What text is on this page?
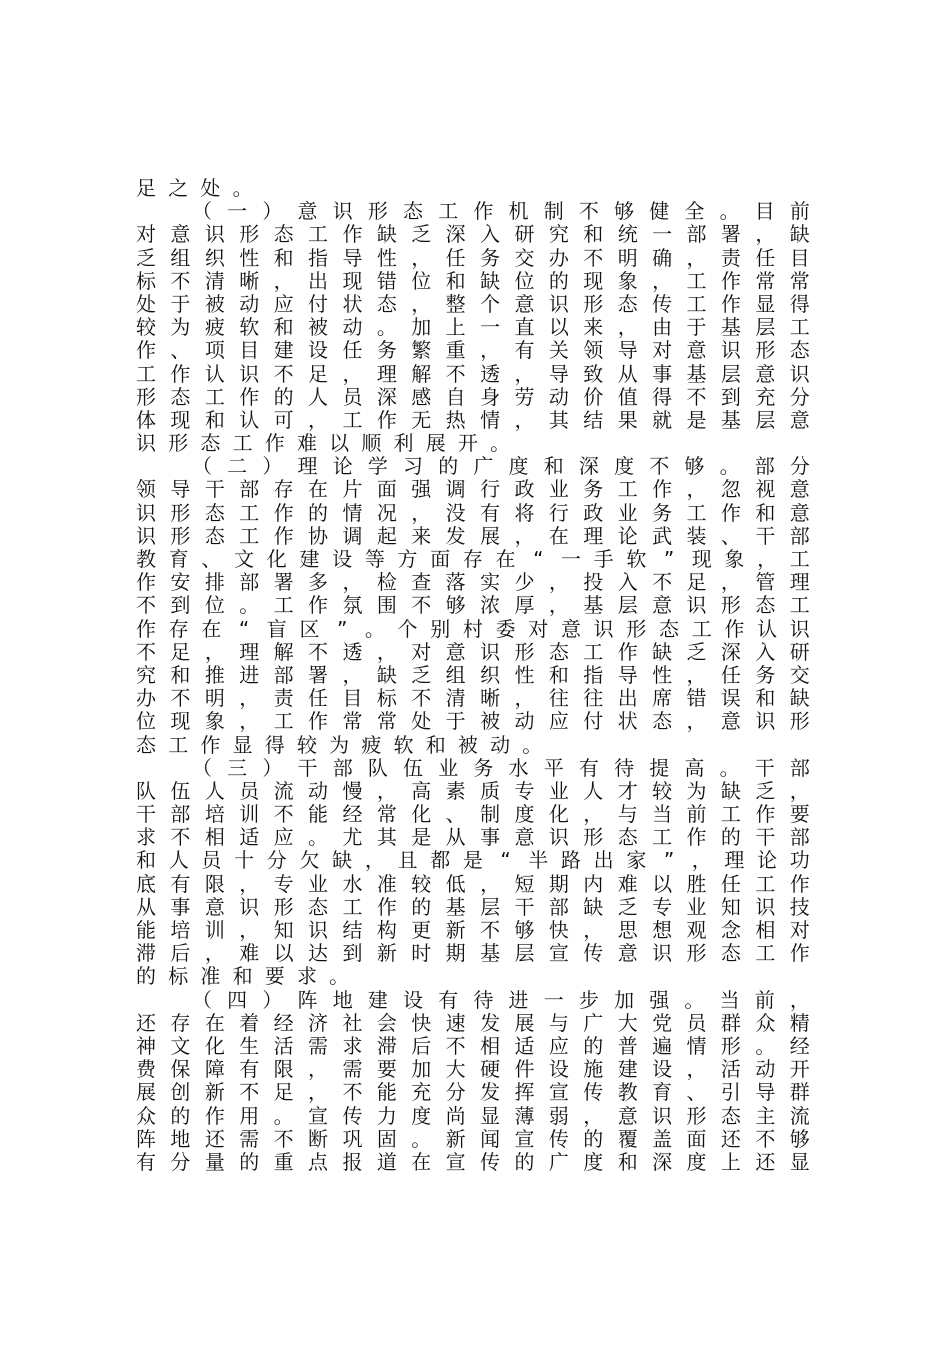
足 之 处 。
（ 一 ） 意 识 形 态 工 作 机 制 不 够 健 全 。 目 前
对 意 识 形 态 工 作 缺 乏 深 入 研 究 和 统 一 部 署 ， 缺
乏 组 织 性 和 指 导 性 ， 任 务 交 办 不 明 确 ， 责 任 目
标 不 清 晰 ， 出 现 错 位 和 缺 位 的 现 象 ， 工 作 常 常
处 于 被 动 应 付 状 态 ， 整 个 意 识 形 态 传 工 作 显 得
较 为 疲 软 和 被 动 。 加 上 一 直 以 来 ， 由 于 基 层 工
作 、 项 目 建 设 任 务 繁 重 ， 有 关 领 导 对 意 识 形 态
工 作 认 识 不 足 ， 理 解 不 透 ， 导 致 从 事 基 层 意 识
形 态 工 作 的 人 员 深 感 自 身 劳 动 价 值 得 不 到 充 分
体 现 和 认 可 ， 工 作 无 热 情 ， 其 结 果 就 是 基 层 意
识 形 态 工 作 难 以 顺 利 展 开 。
（ 二 ） 理 论 学 习 的 广 度 和 深 度 不 够 。 部 分
领 导 干 部 存 在 片 面 强 调 行 政 业 务 工 作 ， 忽 视 意
识 形 态 工 作 的 情 况 ， 没 有 将 行 政 业 务 工 作 和 意
识 形 态 工 作 协 调 起 来 发 展 ， 在 理 论 武 装 、 干 部
教 育 、 文 化 建 设 等 方 面 存 在 “ 一 手 软 ” 现 象 ， 工
作 安 排 部 署 多 ， 检 查 落 实 少 ， 投 入 不 足 ， 管 理
不 到 位 。 工 作 氛 围 不 够 浓 厚 ， 基 层 意 识 形 态 工
作 存 在 “ 盲 区 ” 。 个 别 村 委 对 意 识 形 态 工 作 认 识
不 足 ， 理 解 不 透 ， 对 意 识 形 态 工 作 缺 乏 深 入 研
究 和 推 进 部 署 ， 缺 乏 组 织 性 和 指 导 性 ， 任 务 交
办 不 明 ， 责 任 目 标 不 清 晰 ， 往 往 出 席 错 误 和 缺
位 现 象 ， 工 作 常 常 处 于 被 动 应 付 状 态 ， 意 识 形
态 工 作 显 得 较 为 疲 软 和 被 动 。
（ 三 ） 干 部 队 伍 业 务 水 平 有 待 提 高 。 干 部
队 伍 人 员 流 动 慢 ， 高 素 质 专 业 人 才 较 为 缺 乏 ，
干 部 培 训 不 能 经 常 化 、 制 度 化 ， 与 当 前 工 作 要
求 不 相 适 应 。 尤 其 是 从 事 意 识 形 态 工 作 的 干 部
和 人 员 十 分 欠 缺 ， 且 都 是 “ 半 路 出 家 ” ， 理 论 功
底 有 限 ， 专 业 水 准 较 低 ， 短 期 内 难 以 胜 任 工 作
从 事 意 识 形 态 工 作 的 基 层 干 部 缺 乏 专 业 知 识 技
能 培 训 ， 知 识 结 构 更 新 不 够 快 ， 思 想 观 念 相 对
滞 后 ， 难 以 达 到 新 时 期 基 层 宣 传 意 识 形 态 工 作
的 标 准 和 要 求 。
（ 四 ） 阵 地 建 设 有 待 进 一 步 加 强 。 当 前 ，
还 存 在 着 经 济 社 会 快 速 发 展 与 广 大 党 员 群 众 精
神 文 化 生 活 需 求 滞 后 不 相 适 应 的 普 遍 情 形 。 经
费 保 障 有 限 ， 需 要 加 大 硬 件 设 施 建 设 ， 活 动 开
展 创 新 不 足 ， 不 能 充 分 发 挥 宣 传 教 育 、 引 导 群
众 的 作 用 。 宣 传 力 度 尚 显 薄 弱 ， 意 识 形 态 主 流
阵 地 还 需 不 断 巩 固 。 新 闻 宣 传 的 覆 盖 面 还 不 够
有 分 量 的 重 点 报 道 在 宣 传 的 广 度 和 深 度 上 还 显
